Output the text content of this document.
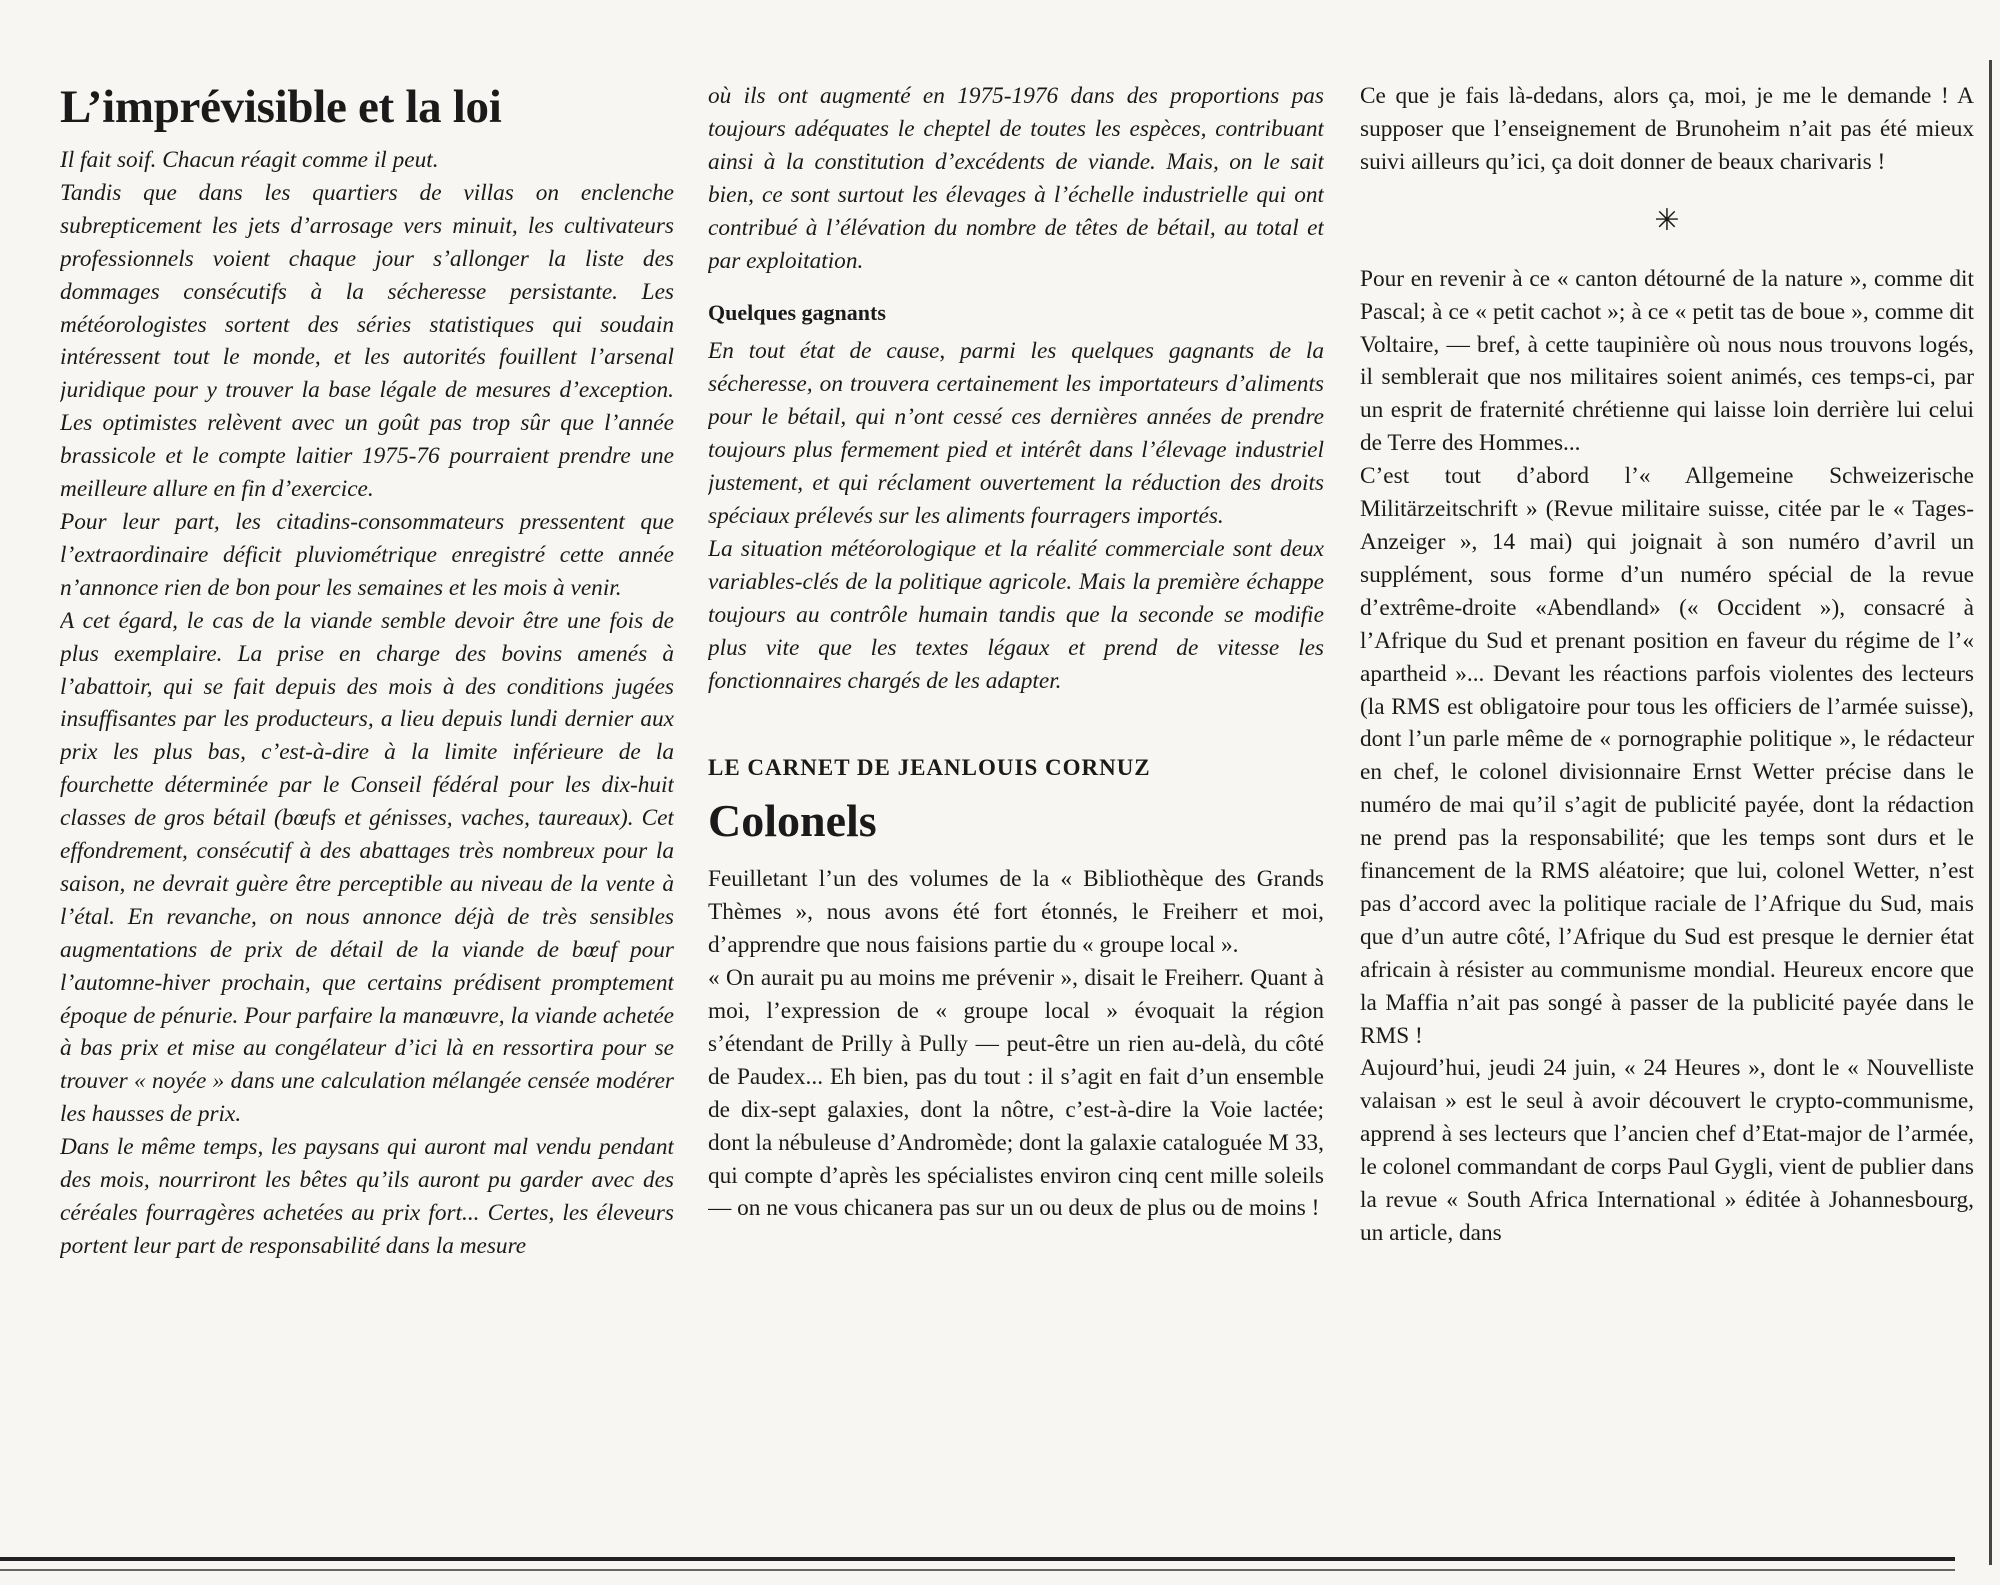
L’imprévisible et la loi

Il fait soif. Chacun réagit comme il peut.

Tandis que dans les quartiers de villas on enclenche subrepticement les jets d’arrosage vers minuit, les cultivateurs professionnels voient chaque jour s’allonger la liste des dommages consécutifs à la sécheresse persistante. Les météorologistes sortent des séries statistiques qui soudain intéressent tout le monde, et les autorités fouillent l’arsenal juridique pour y trouver la base légale de mesures d’exception. Les optimistes relèvent avec un goût pas trop sûr que l’année brassicole et le compte laitier 1975-76 pourraient prendre une meilleure allure en fin d’exercice.

Pour leur part, les citadins-consommateurs pressentent que l’extraordinaire déficit pluviométrique enregistré cette année n’annonce rien de bon pour les semaines et les mois à venir.

A cet égard, le cas de la viande semble devoir être une fois de plus exemplaire. La prise en charge des bovins amenés à l’abattoir, qui se fait depuis des mois à des conditions jugées insuffisantes par les producteurs, a lieu depuis lundi dernier aux prix les plus bas, c’est-à-dire à la limite inférieure de la fourchette déterminée par le Conseil fédéral pour les dix-huit classes de gros bétail (bœufs et génisses, vaches, taureaux). Cet effondrement, consécutif à des abattages très nombreux pour la saison, ne devrait guère être perceptible au niveau de la vente à l’étal. En revanche, on nous annonce déjà de très sensibles augmentations de prix de détail de la viande de bœuf pour l’automne-hiver prochain, que certains prédisent promptement époque de pénurie. Pour parfaire la manœuvre, la viande achetée à bas prix et mise au congélateur d’ici là en ressortira pour se trouver « noyée » dans une calculation mélangée censée modérer les hausses de prix.

Dans le même temps, les paysans qui auront mal vendu pendant des mois, nourriront les bêtes qu’ils auront pu garder avec des céréales fourragères achetées au prix fort... Certes, les éleveurs portent leur part de responsabilité dans la mesure

où ils ont augmenté en 1975-1976 dans des proportions pas toujours adéquates le cheptel de toutes les espèces, contribuant ainsi à la constitution d’excédents de viande. Mais, on le sait bien, ce sont surtout les élevages à l’échelle industrielle qui ont contribué à l’élévation du nombre de têtes de bétail, au total et par exploitation.

Quelques gagnants

En tout état de cause, parmi les quelques gagnants de la sécheresse, on trouvera certainement les importateurs d’aliments pour le bétail, qui n’ont cessé ces dernières années de prendre toujours plus fermement pied et intérêt dans l’élevage industriel justement, et qui réclament ouvertement la réduction des droits spéciaux prélevés sur les aliments fourragers importés.

La situation météorologique et la réalité commerciale sont deux variables-clés de la politique agricole. Mais la première échappe toujours au contrôle humain tandis que la seconde se modifie plus vite que les textes légaux et prend de vitesse les fonctionnaires chargés de les adapter.

LE CARNET DE JEANLOUIS CORNUZ
Colonels

Feuilletant l’un des volumes de la « Bibliothèque des Grands Thèmes », nous avons été fort étonnés, le Freiherr et moi, d’apprendre que nous faisions partie du « groupe local ».

« On aurait pu au moins me prévenir », disait le Freiherr. Quant à moi, l’expression de « groupe local » évoquait la région s’étendant de Prilly à Pully — peut-être un rien au-delà, du côté de Paudex... Eh bien, pas du tout : il s’agit en fait d’un ensemble de dix-sept galaxies, dont la nôtre, c’est-à-dire la Voie lactée; dont la nébuleuse d’Andromède; dont la galaxie cataloguée M 33, qui compte d’après les spécialistes environ cinq cent mille soleils — on ne vous chicanera pas sur un ou deux de plus ou de moins !

Ce que je fais là-dedans, alors ça, moi, je me le demande ! A supposer que l’enseignement de Brunoheim n’ait pas été mieux suivi ailleurs qu’ici, ça doit donner de beaux charivaris !

✳

Pour en revenir à ce « canton détourné de la nature », comme dit Pascal; à ce « petit cachot »; à ce « petit tas de boue », comme dit Voltaire, — bref, à cette taupinière où nous nous trouvons logés, il semblerait que nos militaires soient animés, ces temps-ci, par un esprit de fraternité chrétienne qui laisse loin derrière lui celui de Terre des Hommes...

C’est tout d’abord l’« Allgemeine Schweizerische Militärzeitschrift » (Revue militaire suisse, citée par le « Tages-Anzeiger », 14 mai) qui joignait à son numéro d’avril un supplément, sous forme d’un numéro spécial de la revue d’extrême-droite «Abendland» (« Occident »), consacré à l’Afrique du Sud et prenant position en faveur du régime de l’« apartheid »... Devant les réactions parfois violentes des lecteurs (la RMS est obligatoire pour tous les officiers de l’armée suisse), dont l’un parle même de « pornographie politique », le rédacteur en chef, le colonel divisionnaire Ernst Wetter précise dans le numéro de mai qu’il s’agit de publicité payée, dont la rédaction ne prend pas la responsabilité; que les temps sont durs et le financement de la RMS aléatoire; que lui, colonel Wetter, n’est pas d’accord avec la politique raciale de l’Afrique du Sud, mais que d’un autre côté, l’Afrique du Sud est presque le dernier état africain à résister au communisme mondial. Heureux encore que la Maffia n’ait pas songé à passer de la publicité payée dans le RMS !

Aujourd’hui, jeudi 24 juin, « 24 Heures », dont le « Nouvelliste valaisan » est le seul à avoir découvert le crypto-communisme, apprend à ses lecteurs que l’ancien chef d’Etat-major de l’armée, le colonel commandant de corps Paul Gygli, vient de publier dans la revue « South Africa International » éditée à Johannesbourg, un article, dans
